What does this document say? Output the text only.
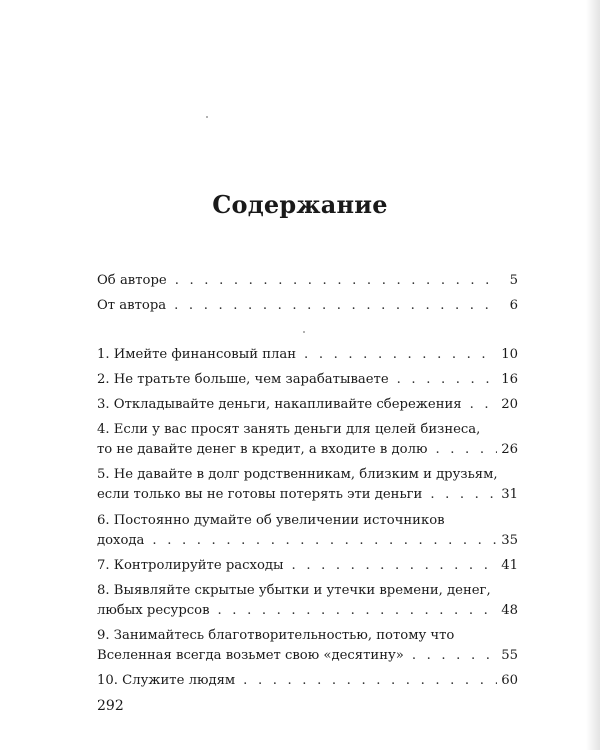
Содержание
Об авторе . . .	5
От автора . . .	6
1. Имейте финансовый план . . .	10
2. Не тратьте больше, чем зарабатываете . . .	16
3. Откладывайте деньги, накапливайте сбережения . . .	20
4. Если у вас просят занять деньги для целей бизнеса,
то не давайте денег в кредит, а входите в долю . . .	26
5. Не давайте в долг родственникам, близким и друзьям,
если только вы не готовы потерять эти деньги . . .	31
6. Постоянно думайте об увеличении источников
дохода . . .	35
7. Контролируйте расходы . . .	41
8. Выявляйте скрытые убытки и утечки времени, денег,
любых ресурсов . . .	48
9. Занимайтесь благотворительностью, потому что
Вселенная всегда возьмет свою «десятину» . . .	55
10. Служите людям . . .	60
292
